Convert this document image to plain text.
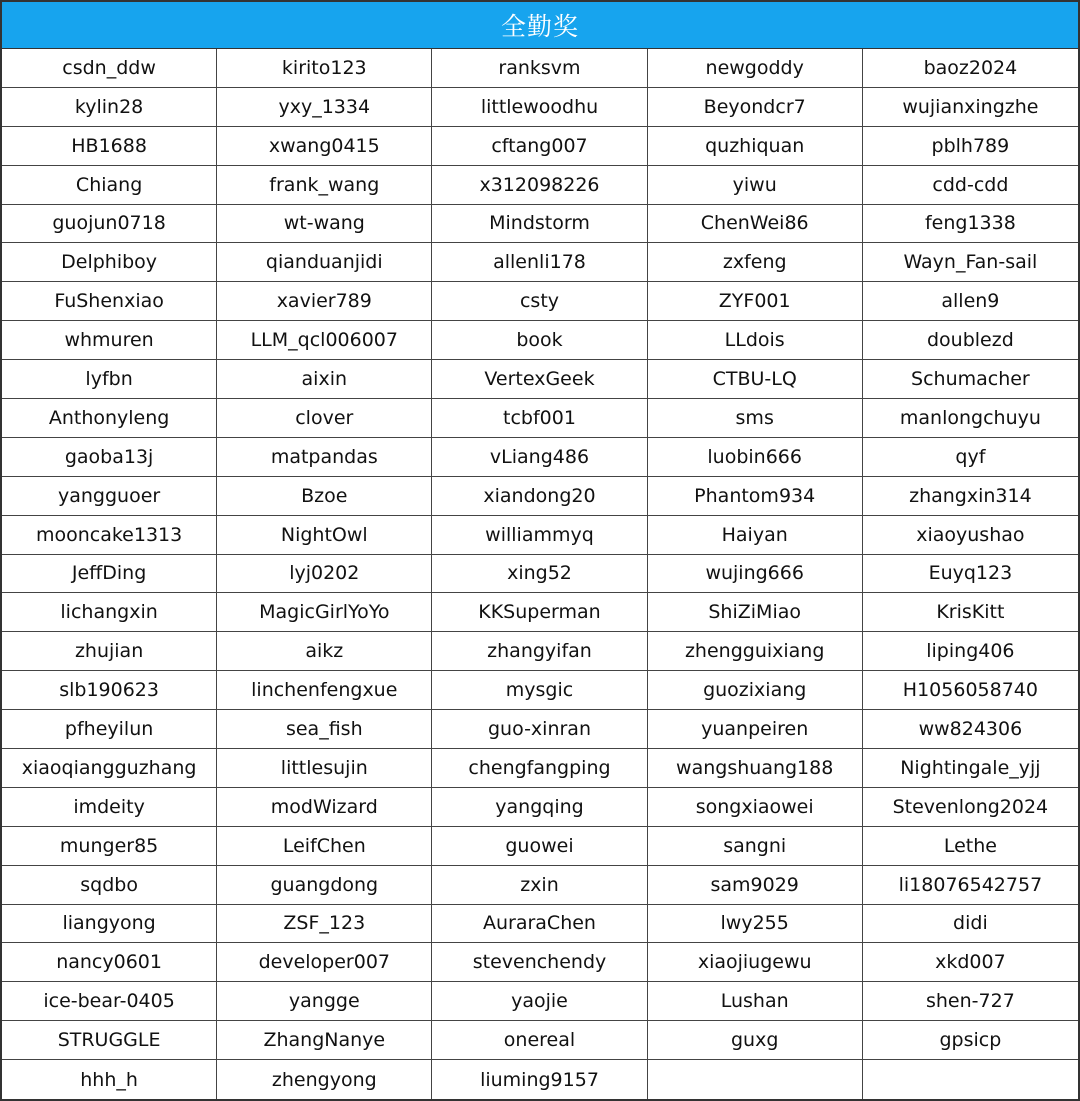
全勤奖
csdn_ddw	kirito123	ranksvm	newgoddy	baoz2024
kylin28	yxy_1334	littlewoodhu	Beyondcr7	wujianxingzhe
HB1688	xwang0415	cftang007	quzhiquan	pblh789
Chiang	frank_wang	x312098226	yiwu	cdd-cdd
guojun0718	wt-wang	Mindstorm	ChenWei86	feng1338
Delphiboy	qianduanjidi	allenli178	zxfeng	Wayn_Fan-sail
FuShenxiao	xavier789	csty	ZYF001	allen9
whmuren	LLM_qcl006007	book	LLdois	doublezd
lyfbn	aixin	VertexGeek	CTBU-LQ	Schumacher
Anthonyleng	clover	tcbf001	sms	manlongchuyu
gaoba13j	matpandas	vLiang486	luobin666	qyf
yangguoer	Bzoe	xiandong20	Phantom934	zhangxin314
mooncake1313	NightOwl	williammyq	Haiyan	xiaoyushao
JeffDing	lyj0202	xing52	wujing666	Euyq123
lichangxin	MagicGirlYoYo	KKSuperman	ShiZiMiao	KrisKitt
zhujian	aikz	zhangyifan	zhengguixiang	liping406
slb190623	linchenfengxue	mysgic	guozixiang	H1056058740
pfheyilun	sea_fish	guo-xinran	yuanpeiren	ww824306
xiaoqiangguzhang	littlesujin	chengfangping	wangshuang188	Nightingale_yjj
imdeity	modWizard	yangqing	songxiaowei	Stevenlong2024
munger85	LeifChen	guowei	sangni	Lethe
sqdbo	guangdong	zxin	sam9029	li18076542757
liangyong	ZSF_123	AuraraChen	lwy255	didi
nancy0601	developer007	stevenchendy	xiaojiugewu	xkd007
ice-bear-0405	yangge	yaojie	Lushan	shen-727
STRUGGLE	ZhangNanye	onereal	guxg	gpsicp
hhh_h	zhengyong	liuming9157
